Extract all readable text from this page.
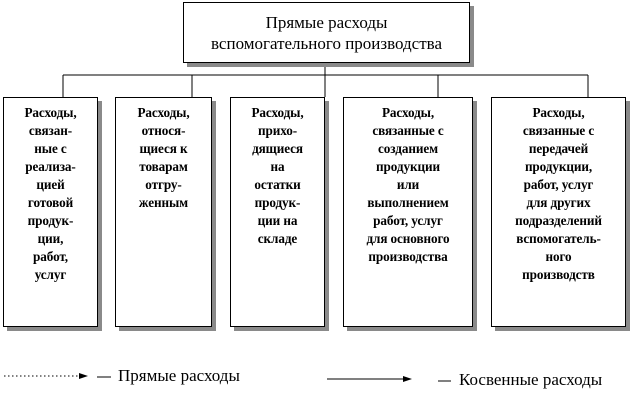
Прямые расходы
вспомогательного производства
Расходы,
связан-
ные с
реализа-
цией
готовой
продук-
ции,
работ,
услуг
Расходы,
относя-
щиеся к
товарам
отгру-
женным
Расходы,
прихо-
дящиеся
на
остатки
продук-
ции на
складе
Расходы,
связанные с
созданием
продукции
или
выполнением
работ, услуг
для основного
производства
Расходы,
связанные с
передачей
продукции,
работ, услуг
для других
подразделений
вспомогатель-
ного
производств
Прямые расходы	Косвенные расходы
